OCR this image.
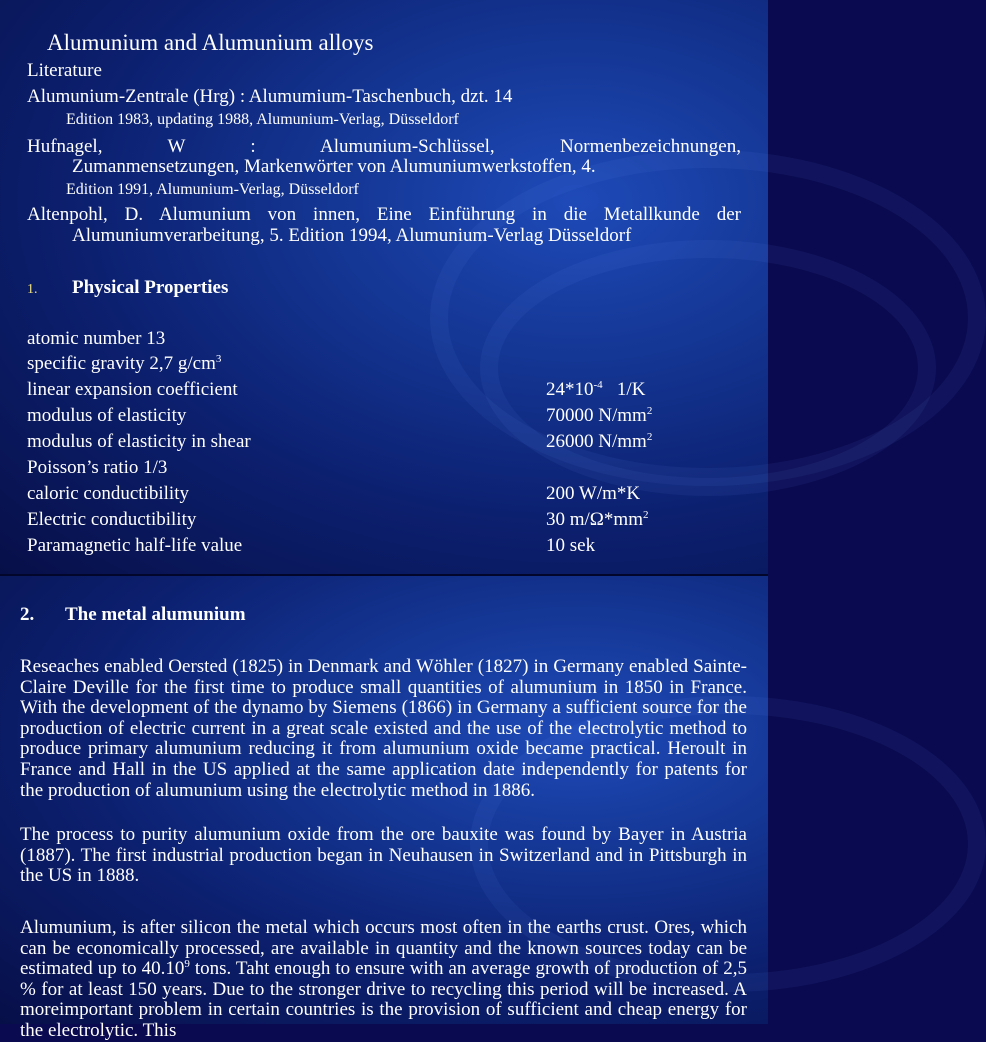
Alumunium and Alumunium alloys
Literature
Alumunium-Zentrale (Hrg) : Alumumium-Taschenbuch, dzt. 14
Edition 1983, updating 1988, Alumunium-Verlag, Düsseldorf
Hufnagel, W : Alumunium-Schlüssel, Normenbezeichnungen,
Zumanmensetzungen, Markenwörter von Alumuniumwerkstoffen, 4.
Edition 1991, Alumunium-Verlag, Düsseldorf
Altenpohl, D. Alumunium von innen, Eine Einführung in die Metallkunde der
Alumuniumverarbeitung, 5. Edition 1994, Alumunium-Verlag Düsseldorf
1. Physical Properties
atomic number 13
specific gravity 2,7 $g/cm^3$
linear expansion coefficient	$24*10^{-4}$ 1/K
modulus of elasticity	70000 $N/mm^2$
modulus of elasticity in shear	26000 $N/mm^2$
Poisson’s ratio 1/3
caloric conductibility	200 W/m*K
Electric conductibility	30 $m/\Omega*mm^2$
Paramagnetic half-life value	10 sek
2. The metal alumunium
Reseaches enabled Oersted (1825) in Denmark and Wöhler (1827) in Germany enabled Sainte-Claire Deville for the first time to produce small quantities of alumunium in 1850 in France. With the development of the dynamo by Siemens (1866) in Germany a sufficient source for the production of electric current in a great scale existed and the use of the electrolytic method to produce primary alumunium reducing it from alumunium oxide became practical. Heroult in France and Hall in the US applied at the same application date independently for patents for the production of alumunium using the electrolytic method in 1886.
The process to purity alumunium oxide from the ore bauxite was found by Bayer in Austria (1887). The first industrial production began in Neuhausen in Switzerland and in Pittsburgh in the US in 1888.
Alumunium, is after silicon the metal which occurs most often in the earths crust. Ores, which can be economically processed, are available in quantity and the known sources today can be estimated up to 40.10$^9$ tons. Taht enough to ensure with an average growth of production of 2,5 % for at least 150 years. Due to the stronger drive to recycling this period will be increased. A moreimportant problem in certain countries is the provision of sufficient and cheap energy for the electrolytic. This
